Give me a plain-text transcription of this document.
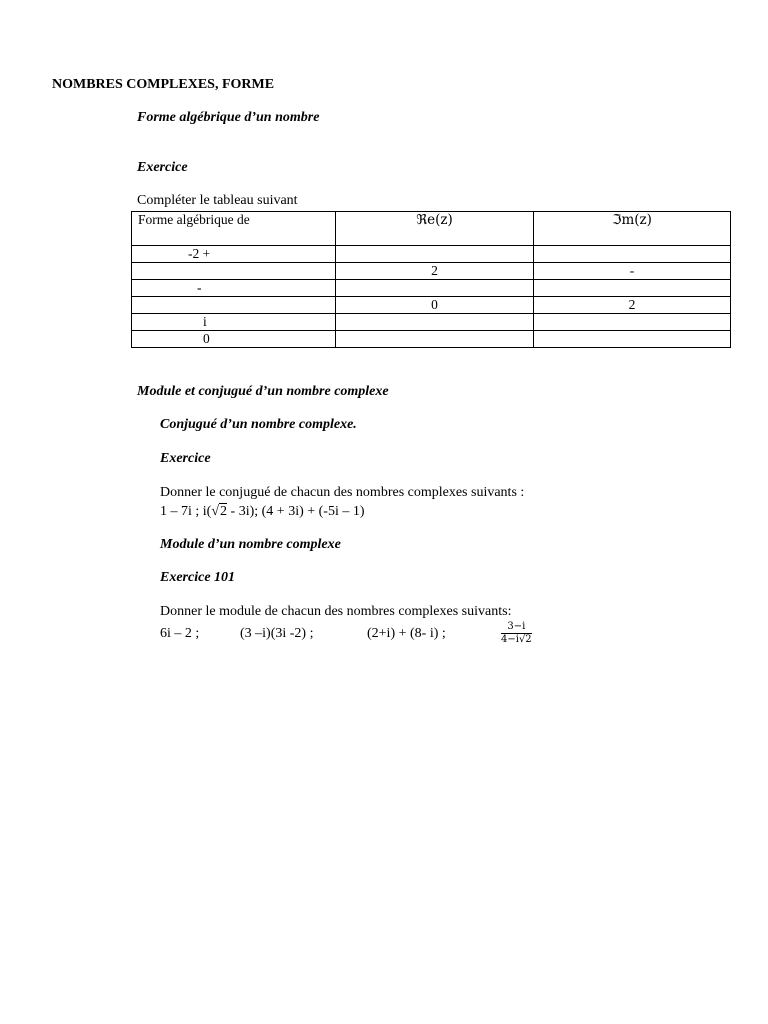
NOMBRES COMPLEXES, FORME
Forme algébrique d’un nombre
Exercice
Compléter le tableau suivant
Forme algébrique de	ℜe(z)	ℑm(z)
-2 +		
	2	-
-		
	0	2
i		
0		
Module et conjugué d’un nombre complexe
Conjugué d’un nombre complexe.
Exercice
Donner le conjugué de chacun des nombres complexes suivants :
1 – 7i ; i(√2 - 3i); (4 + 3i) + (-5i – 1)
Module d’un nombre complexe
Exercice 101
Donner le module de chacun des nombres complexes suivants:
6i – 2 ;	(3 –i)(3i -2) ;	(2+i) + (8- i) ;	$\frac{3-i}{4-i√2}$
